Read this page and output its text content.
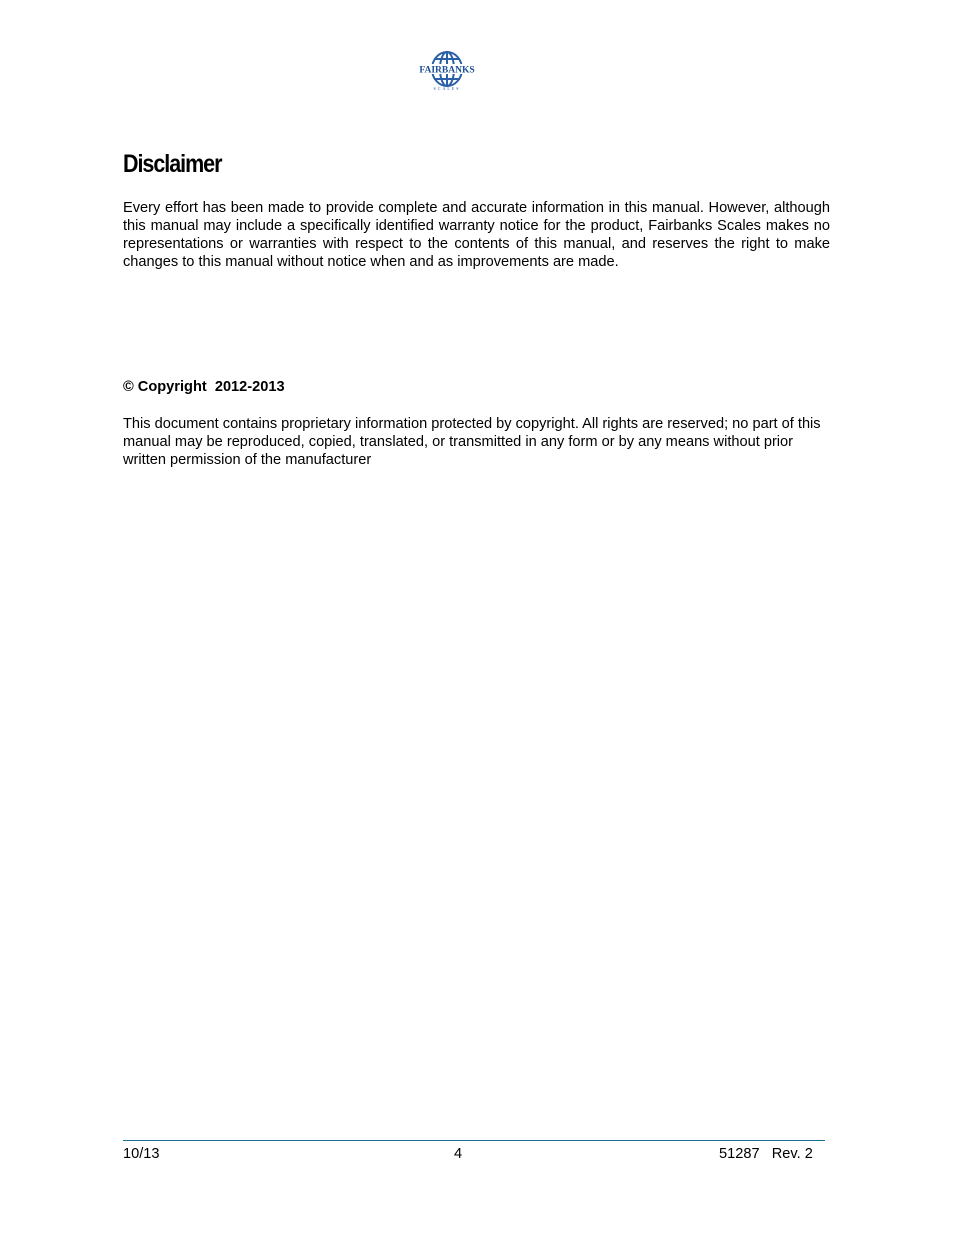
FAIRBANKS
SCALES
Disclaimer

Every effort has been made to provide complete and accurate information in this manual. However, although this manual may include a specifically identified warranty notice for the product, Fairbanks Scales makes no representations or warranties with respect to the contents of this manual, and reserves the right to make changes to this manual without notice when and as improvements are made.

© Copyright  2012-2013

This document contains proprietary information protected by copyright. All rights are reserved; no part of this manual may be reproduced, copied, translated, or transmitted in any form or by any means without prior written permission of the manufacturer

10/13	4	51287   Rev. 2
